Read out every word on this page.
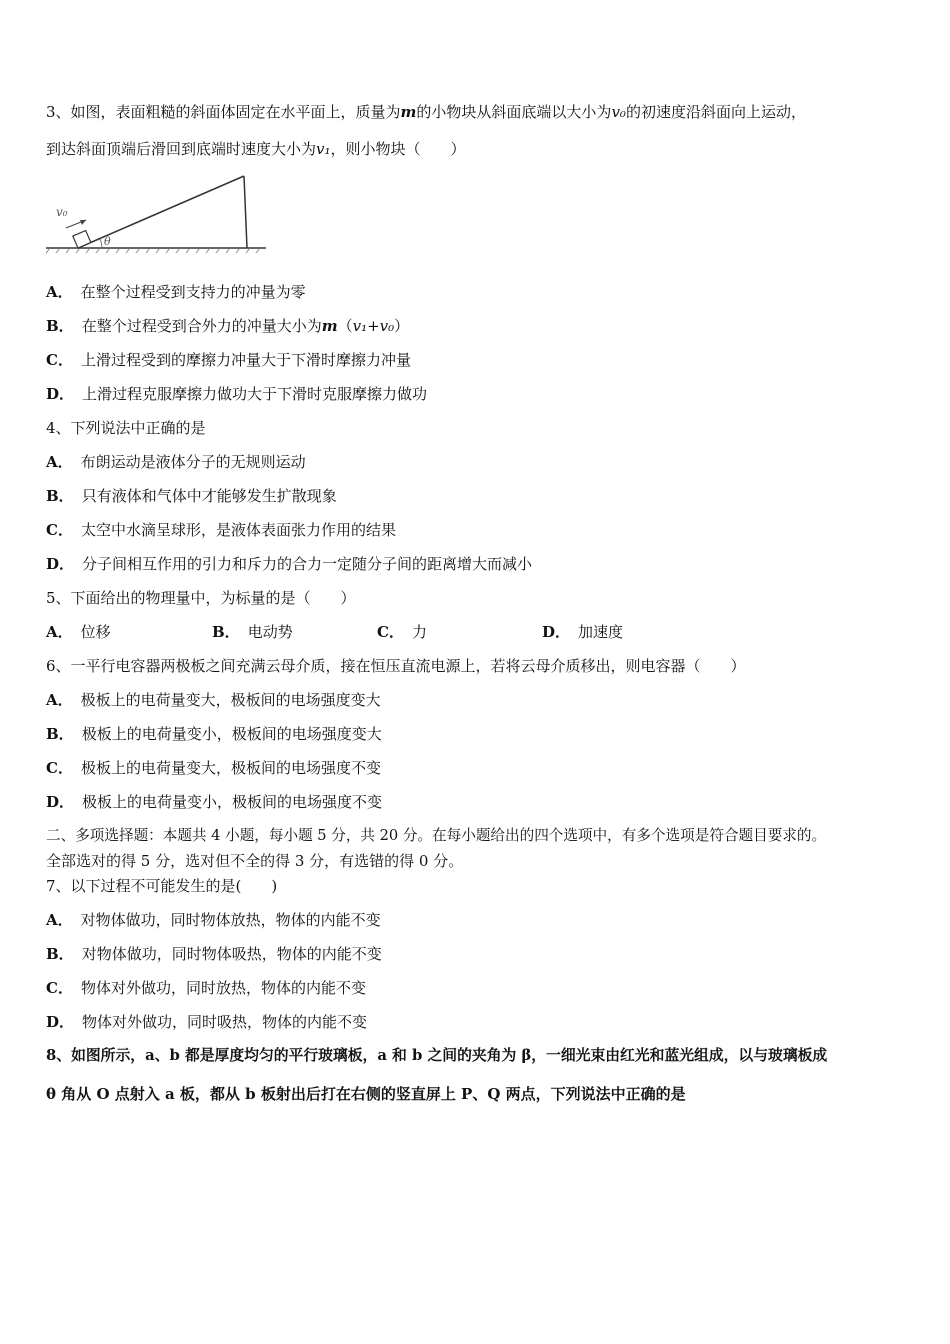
3、如图，表面粗糙的斜面体固定在水平面上，质量为m的小物块从斜面底端以大小为v₀的初速度沿斜面向上运动，
到达斜面顶端后滑回到底端时速度大小为v₁，则小物块（　　）
v₀
θ
A． 在整个过程受到支持力的冲量为零
B． 在整个过程受到合外力的冲量大小为m（v₁+v₀）
C． 上滑过程受到的摩擦力冲量大于下滑时摩擦力冲量
D． 上滑过程克服摩擦力做功大于下滑时克服摩擦力做功
4、下列说法中正确的是
A． 布朗运动是液体分子的无规则运动
B． 只有液体和气体中才能够发生扩散现象
C． 太空中水滴呈球形，是液体表面张力作用的结果
D． 分子间相互作用的引力和斥力的合力一定随分子间的距离增大而减小
5、下面给出的物理量中，为标量的是（　　）
A． 位移	B． 电动势	C． 力	D． 加速度
6、一平行电容器两极板之间充满云母介质，接在恒压直流电源上，若将云母介质移出，则电容器（　　）
A． 极板上的电荷量变大，极板间的电场强度变大
B． 极板上的电荷量变小，极板间的电场强度变大
C． 极板上的电荷量变大，极板间的电场强度不变
D． 极板上的电荷量变小，极板间的电场强度不变
二、多项选择题：本题共 4 小题，每小题 5 分，共 20 分。在每小题给出的四个选项中，有多个选项是符合题目要求的。
全部选对的得 5 分，选对但不全的得 3 分，有选错的得 0 分。
7、以下过程不可能发生的是(　　)
A． 对物体做功，同时物体放热，物体的内能不变
B． 对物体做功，同时物体吸热，物体的内能不变
C． 物体对外做功，同时放热，物体的内能不变
D． 物体对外做功，同时吸热，物体的内能不变
8、如图所示，a、b 都是厚度均匀的平行玻璃板，a 和 b 之间的夹角为 β，一细光束由红光和蓝光组成，以与玻璃板成
θ 角从 O 点射入 a 板，都从 b 板射出后打在右侧的竖直屏上 P、Q 两点，下列说法中正确的是
